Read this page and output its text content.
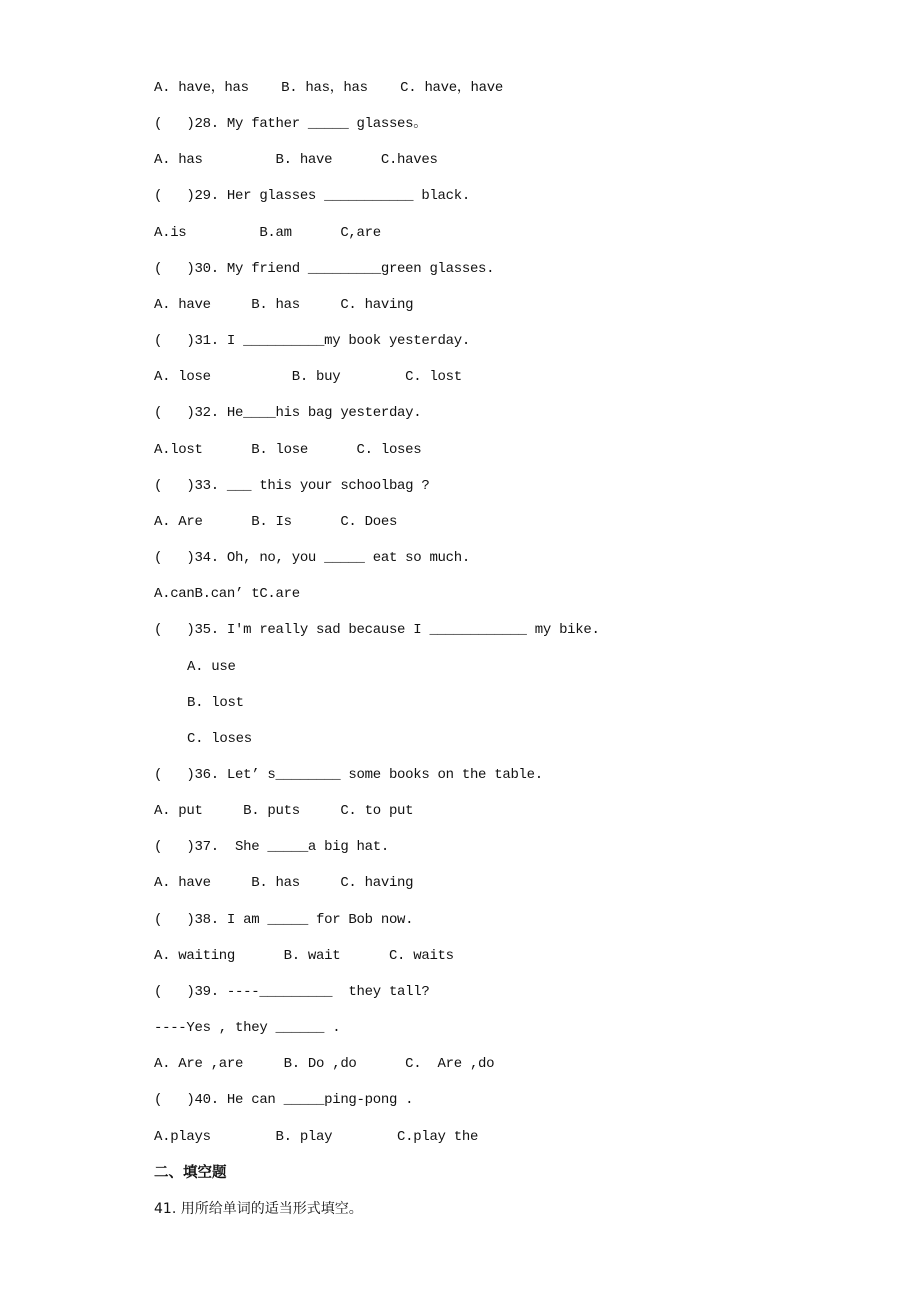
A. have，has    B. has，has    C. have，have
(   )28. My father _____ glasses。
A. has         B. have      C.haves
(   )29. Her glasses ___________ black.
A.is         B.am      C,are
(   )30. My friend _________green glasses.
A. have     B. has     C. having
(   )31. I __________my book yesterday.
A. lose          B. buy        C. lost
(   )32. He____his bag yesterday.
A.lost      B. lose      C. loses
(   )33. ___ this your schoolbag ?
A. Are      B. Is      C. Does
(   )34. Oh, no, you _____ eat so much.
A.canB.can’ tC.are
(   )35. I'm really sad because I ____________ my bike.
A. use
B. lost
C. loses
(   )36. Let’ s________ some books on the table.
A. put     B. puts     C. to put
(   )37.  She _____a big hat.
A. have     B. has     C. having
(   )38. I am _____ for Bob now.
A. waiting      B. wait      C. waits
(   )39. ----_________  they tall?
----Yes , they ______ .
A. Are ,are     B. Do ,do      C.  Are ,do
(   )40. He can _____ping-pong .
A.plays        B. play        C.play the
二、填空题
41. 用所给单词的适当形式填空。
